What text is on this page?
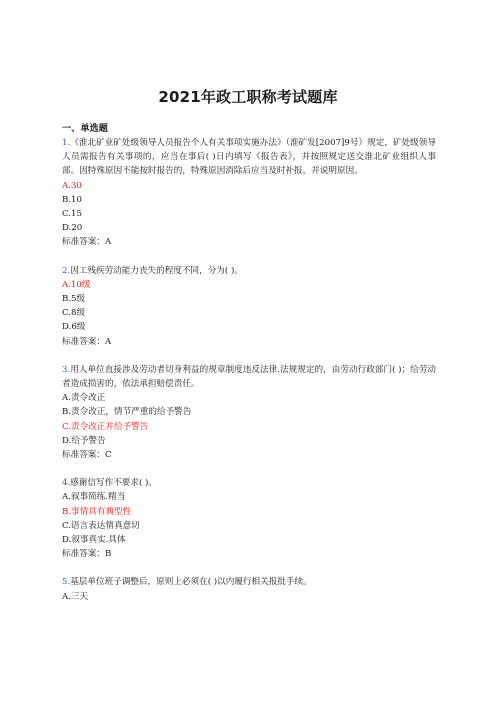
2021年政工职称考试题库
一、单选题
1.《淮北矿业矿处级领导人员报告个人有关事项实施办法》（淮矿发[2007]9号）规定，矿处级领导人员需报告有关事项的，应当在事后( )日内填写《报告表》，并按照规定送交淮北矿业组织人事部。因特殊原因不能按时报告的，特殊原因消除后应当及时补报，并说明原因。
A.30
B.10
C.15
D.20
标准答案：A
2.因工残疾劳动能力丧失的程度不同，分为( )。
A.10级
B.5级
C.8级
D.6级
标准答案：A
3.用人单位直接涉及劳动者切身利益的规章制度违反法律.法规规定的，由劳动行政部门( )；给劳动者造成损害的，依法承担赔偿责任。
A.责令改正
B.责令改正，情节严重的给予警告
C.责令改正并给予警告
D.给予警告
标准答案：C
4.感谢信写作不要求( )。
A.叙事简练.精当
B.事情具有典型性
C.语言表达情真意切
D.叙事真实.具体
标准答案：B
5.基层单位班子调整后，原则上必须在( )以内履行相关报批手续。
A.三天
